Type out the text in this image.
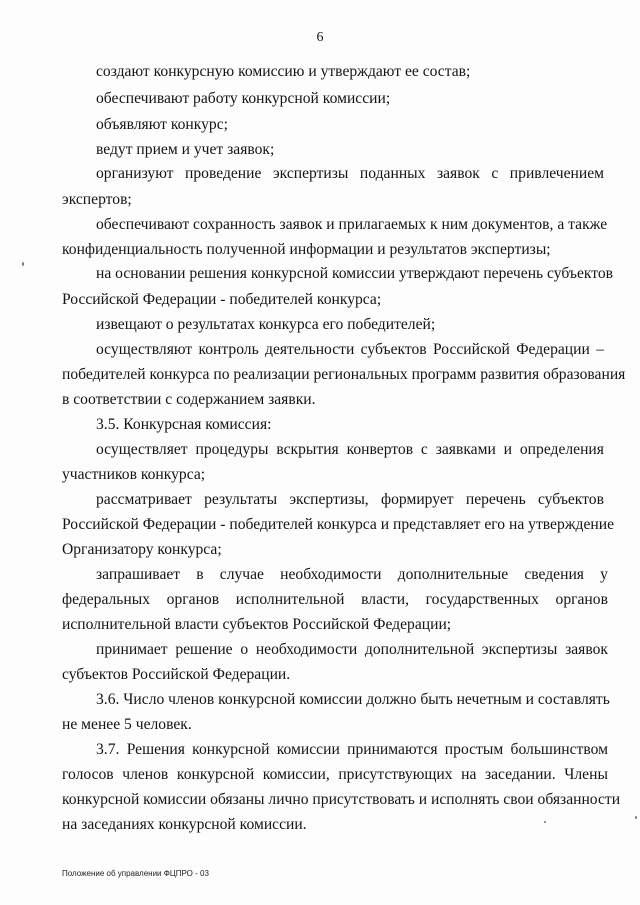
6
создают конкурсную комиссию и утверждают ее состав;
обеспечивают работу конкурсной комиссии;
объявляют конкурс;
ведут прием и учет заявок;
организуют проведение экспертизы поданных заявок с привлечением
экспертов;
обеспечивают сохранность заявок и прилагаемых к ним документов, а также
конфиденциальность полученной информации и результатов экспертизы;
на основании решения конкурсной комиссии утверждают перечень субъектов
Российской Федерации - победителей конкурса;
извещают о результатах конкурса его победителей;
осуществляют контроль деятельности субъектов Российской Федерации –
победителей конкурса по реализации региональных программ развития образования
в соответствии с содержанием заявки.
3.5. Конкурсная комиссия:
осуществляет процедуры вскрытия конвертов с заявками и определения
участников конкурса;
рассматривает результаты экспертизы, формирует перечень субъектов
Российской Федерации - победителей конкурса и представляет его на утверждение
Организатору конкурса;
запрашивает в случае необходимости дополнительные сведения у
федеральных органов исполнительной власти, государственных органов
исполнительной власти субъектов Российской Федерации;
принимает решение о необходимости дополнительной экспертизы заявок
субъектов Российской Федерации.
3.6. Число членов конкурсной комиссии должно быть нечетным и составлять
не менее 5 человек.
3.7. Решения конкурсной комиссии принимаются простым большинством
голосов членов конкурсной комиссии, присутствующих на заседании. Члены
конкурсной комиссии обязаны лично присутствовать и исполнять свои обязанности
на заседаниях конкурсной комиссии.
Положение об управлении ФЦПРО - 03
